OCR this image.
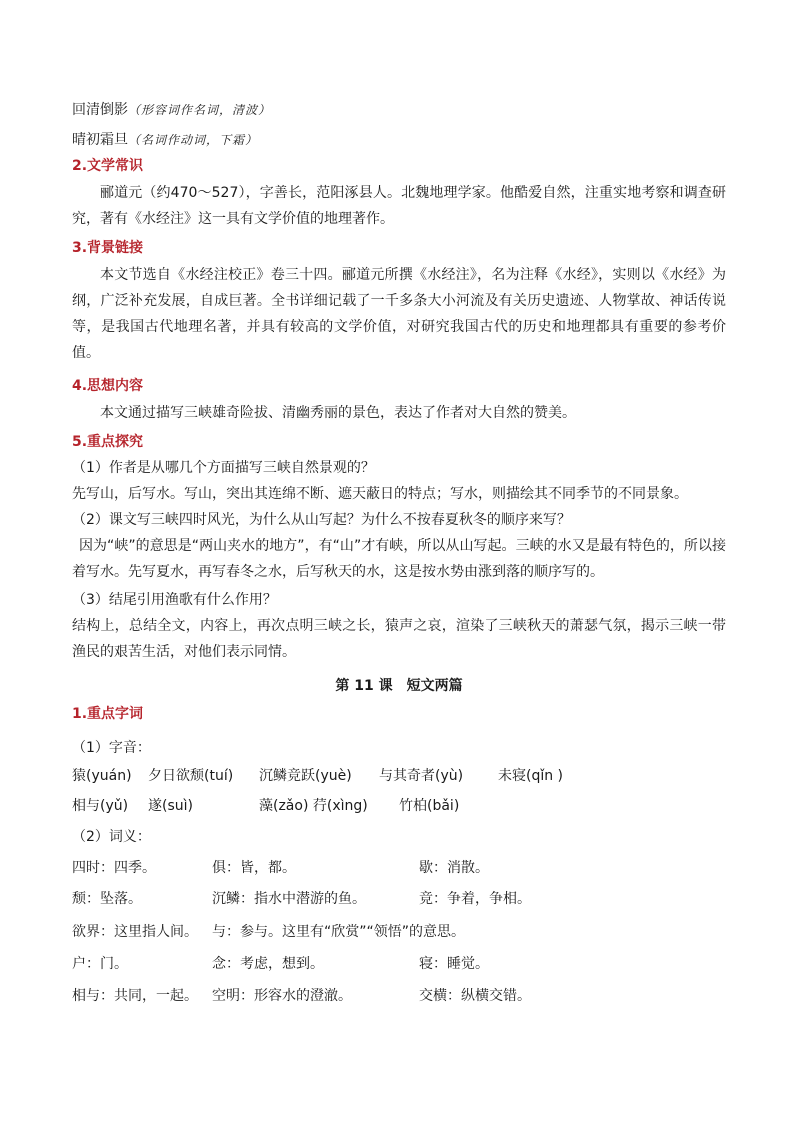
回清倒影（形容词作名词，清波）
晴初霜旦（名词作动词，下霜）
2.文学常识

郦道元（约470～527），字善长，范阳涿县人。北魏地理学家。他酷爱自然，注重实地考察和调查研究，著有《水经注》这一具有文学价值的地理著作。

3.背景链接

本文节选自《水经注校正》卷三十四。郦道元所撰《水经注》，名为注释《水经》，实则以《水经》为纲，广泛补充发展，自成巨著。全书详细记载了一千多条大小河流及有关历史遗迹、人物掌故、神话传说等，是我国古代地理名著，并具有较高的文学价值，对研究我国古代的历史和地理都具有重要的参考价值。

4.思想内容

本文通过描写三峡雄奇险拔、清幽秀丽的景色，表达了作者对大自然的赞美。

5.重点探究
（1）作者是从哪几个方面描写三峡自然景观的？

先写山，后写水。写山，突出其连绵不断、遮天蔽日的特点；写水，则描绘其不同季节的不同景象。

（2）课文写三峡四时风光，为什么从山写起？为什么不按春夏秋冬的顺序来写？

因为“峡”的意思是“两山夹水的地方”，有“山”才有峡，所以从山写起。三峡的水又是最有特色的，所以接着写水。先写夏水，再写春冬之水，后写秋天的水，这是按水势由涨到落的顺序写的。

（3）结尾引用渔歌有什么作用？

结构上，总结全文，内容上，再次点明三峡之长，猿声之哀，渲染了三峡秋天的萧瑟气氛，揭示三峡一带渔民的艰苦生活，对他们表示同情。

第 11 课　短文两篇
1.重点字词
（1）字音：
猿(yuán) 夕日欲颓(tuí) 沉鳞竞跃(yuè) 与其奇者(yù) 未寝(qǐn )
相与(yǔ) 遂(suì)	藻(zǎo) 荇(xìng) 竹柏(bǎi)
（2）词义：
四时：四季。	俱：皆，都。	歇：消散。
颓：坠落。	沉鳞：指水中潜游的鱼。	竞：争着，争相。
欲界：这里指人间。 与：参与。这里有“欣赏”“领悟”的意思。
户：门。	念：考虑，想到。	寝：睡觉。
相与：共同，一起。 空明：形容水的澄澈。	交横：纵横交错。
